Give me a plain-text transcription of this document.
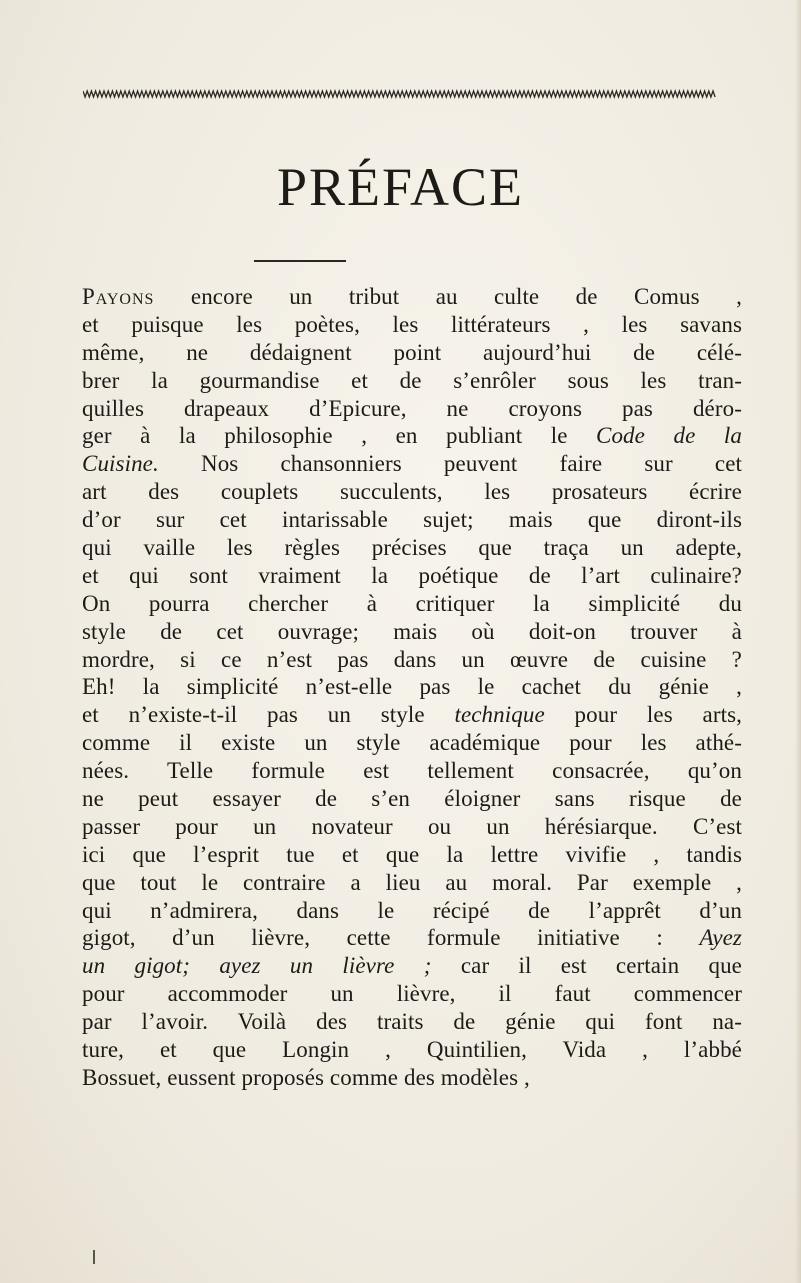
PRÉFACE
Payons encore un tribut au culte de Comus ,
et puisque les poètes, les littérateurs , les savans
même, ne dédaignent point aujourd’hui de célé-
brer la gourmandise et de s’enrôler sous les tran-
quilles drapeaux d’Epicure, ne croyons pas déro-
ger à la philosophie , en publiant le Code de la
Cuisine. Nos chansonniers peuvent faire sur cet
art des couplets succulents, les prosateurs écrire
d’or sur cet intarissable sujet; mais que diront-ils
qui vaille les règles précises que traça un adepte,
et qui sont vraiment la poétique de l’art culinaire?
On pourra chercher à critiquer la simplicité du
style de cet ouvrage; mais où doit-on trouver à
mordre, si ce n’est pas dans un œuvre de cuisine ?
Eh! la simplicité n’est-elle pas le cachet du génie ,
et n’existe-t-il pas un style technique pour les arts,
comme il existe un style académique pour les athé-
nées. Telle formule est tellement consacrée, qu’on
ne peut essayer de s’en éloigner sans risque de
passer pour un novateur ou un hérésiarque. C’est
ici que l’esprit tue et que la lettre vivifie , tandis
que tout le contraire a lieu au moral. Par exemple ,
qui n’admirera, dans le récipé de l’apprêt d’un
gigot, d’un lièvre, cette formule initiative : Ayez
un gigot; ayez un lièvre ; car il est certain que
pour accommoder un lièvre, il faut commencer
par l’avoir. Voilà des traits de génie qui font na-
ture, et que Longin , Quintilien, Vida , l’abbé
Bossuet, eussent proposés comme des modèles ,
